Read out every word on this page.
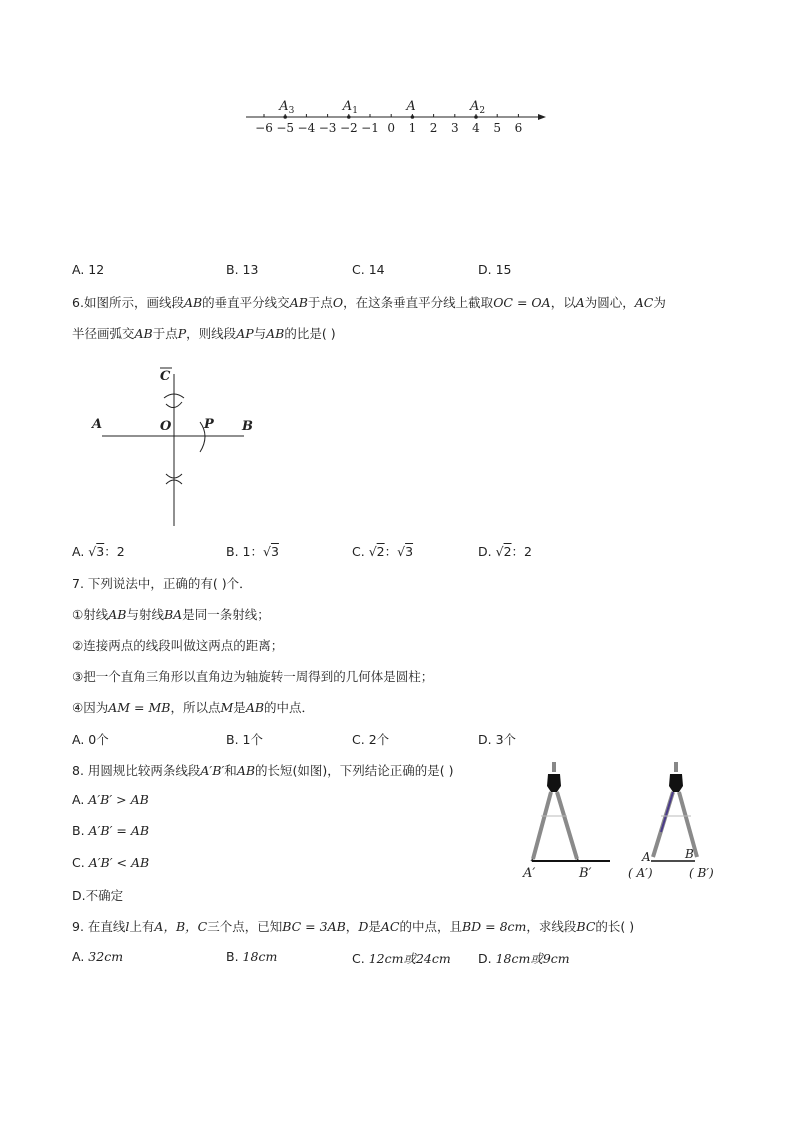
−6 −5 −4 −3 −2 −1 0 1 2 3 4 5 6
$A_3$	$A_1$	A	$A_2$
A. 12	B. 13	C. 14	D. 15
6.如图所示，画线段AB的垂直平分线交AB于点O，在这条垂直平分线上截取OC = OA，以A为圆心，AC为
半径画弧交AB于点P，则线段AP与AB的比是( )
A	O	P B
C
A. √3：2	B. 1：√3	C. √2：√3	D. √2：2
7. 下列说法中，正确的有( )个．
①射线AB与射线BA是同一条射线；
②连接两点的线段叫做这两点的距离；
③把一个直角三角形以直角边为轴旋转一周得到的几何体是圆柱；
④因为AM = MB，所以点M是AB的中点．
A. 0个	B. 1个	C. 2个	D. 3个
8. 用圆规比较两条线段A′B′和AB的长短(如图)，下列结论正确的是( )
A. A′B′ > AB
B. A′B′ = AB
C. A′B′ < AB
D.不确定
A′	B′
A	B
( A′)	( B′)
9. 在直线l上有A，B，C三个点，已知BC = 3AB，D是AC的中点，且BD = 8cm，求线段BC的长( )
A. 32cm	B. 18cm	C. 12cm或24cm D. 18cm或9cm
